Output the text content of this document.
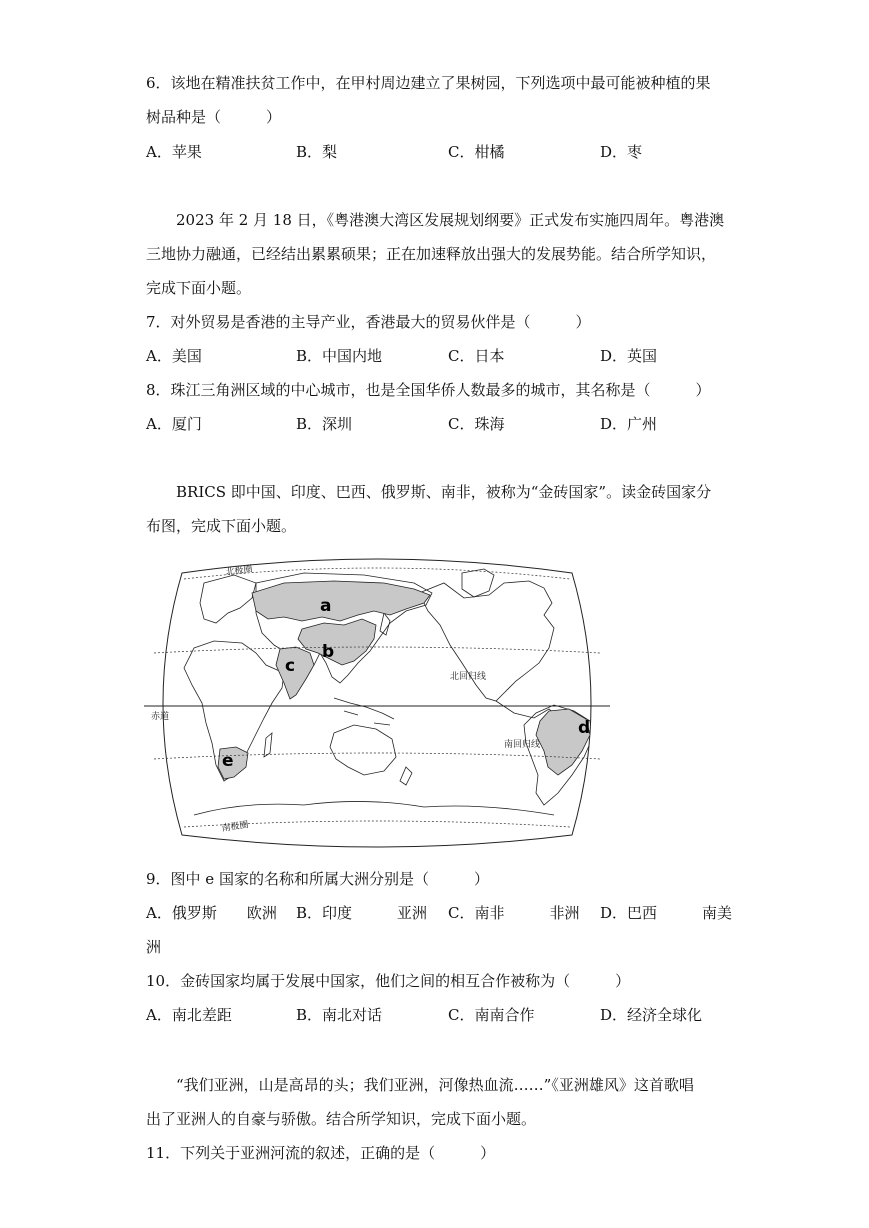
6．该地在精准扶贫工作中，在甲村周边建立了果树园，下列选项中最可能被种植的果
树品种是（　　　）
A．苹果	B．梨	C．柑橘	D．枣
2023 年 2 月 18 日，《粤港澳大湾区发展规划纲要》正式发布实施四周年。粤港澳
三地协力融通，已经结出累累硕果；正在加速释放出强大的发展势能。结合所学知识，
完成下面小题。
7．对外贸易是香港的主导产业，香港最大的贸易伙伴是（　　　）
A．美国	B．中国内地	C．日本	D．英国
8．珠江三角洲区域的中心城市，也是全国华侨人数最多的城市，其名称是（　　　）
A．厦门	B．深圳	C．珠海	D．广州
BRICS 即中国、印度、巴西、俄罗斯、南非，被称为“金砖国家”。读金砖国家分
布图，完成下面小题。
北极圈
北回归线
赤道
南回归线
南极圈
a
b
c
d
e
9．图中 e 国家的名称和所属大洲分别是（　　　）
A．俄罗斯　　欧洲 B．印度　　　亚洲 C．南非　　　非洲 D．巴西　　　南美
洲
10．金砖国家均属于发展中国家，他们之间的相互合作被称为（　　　）
A．南北差距	B．南北对话	C．南南合作	D．经济全球化
“我们亚洲，山是高昂的头；我们亚洲，河像热血流……”《亚洲雄风》这首歌唱
出了亚洲人的自豪与骄傲。结合所学知识，完成下面小题。
11．下列关于亚洲河流的叙述，正确的是（　　　）
